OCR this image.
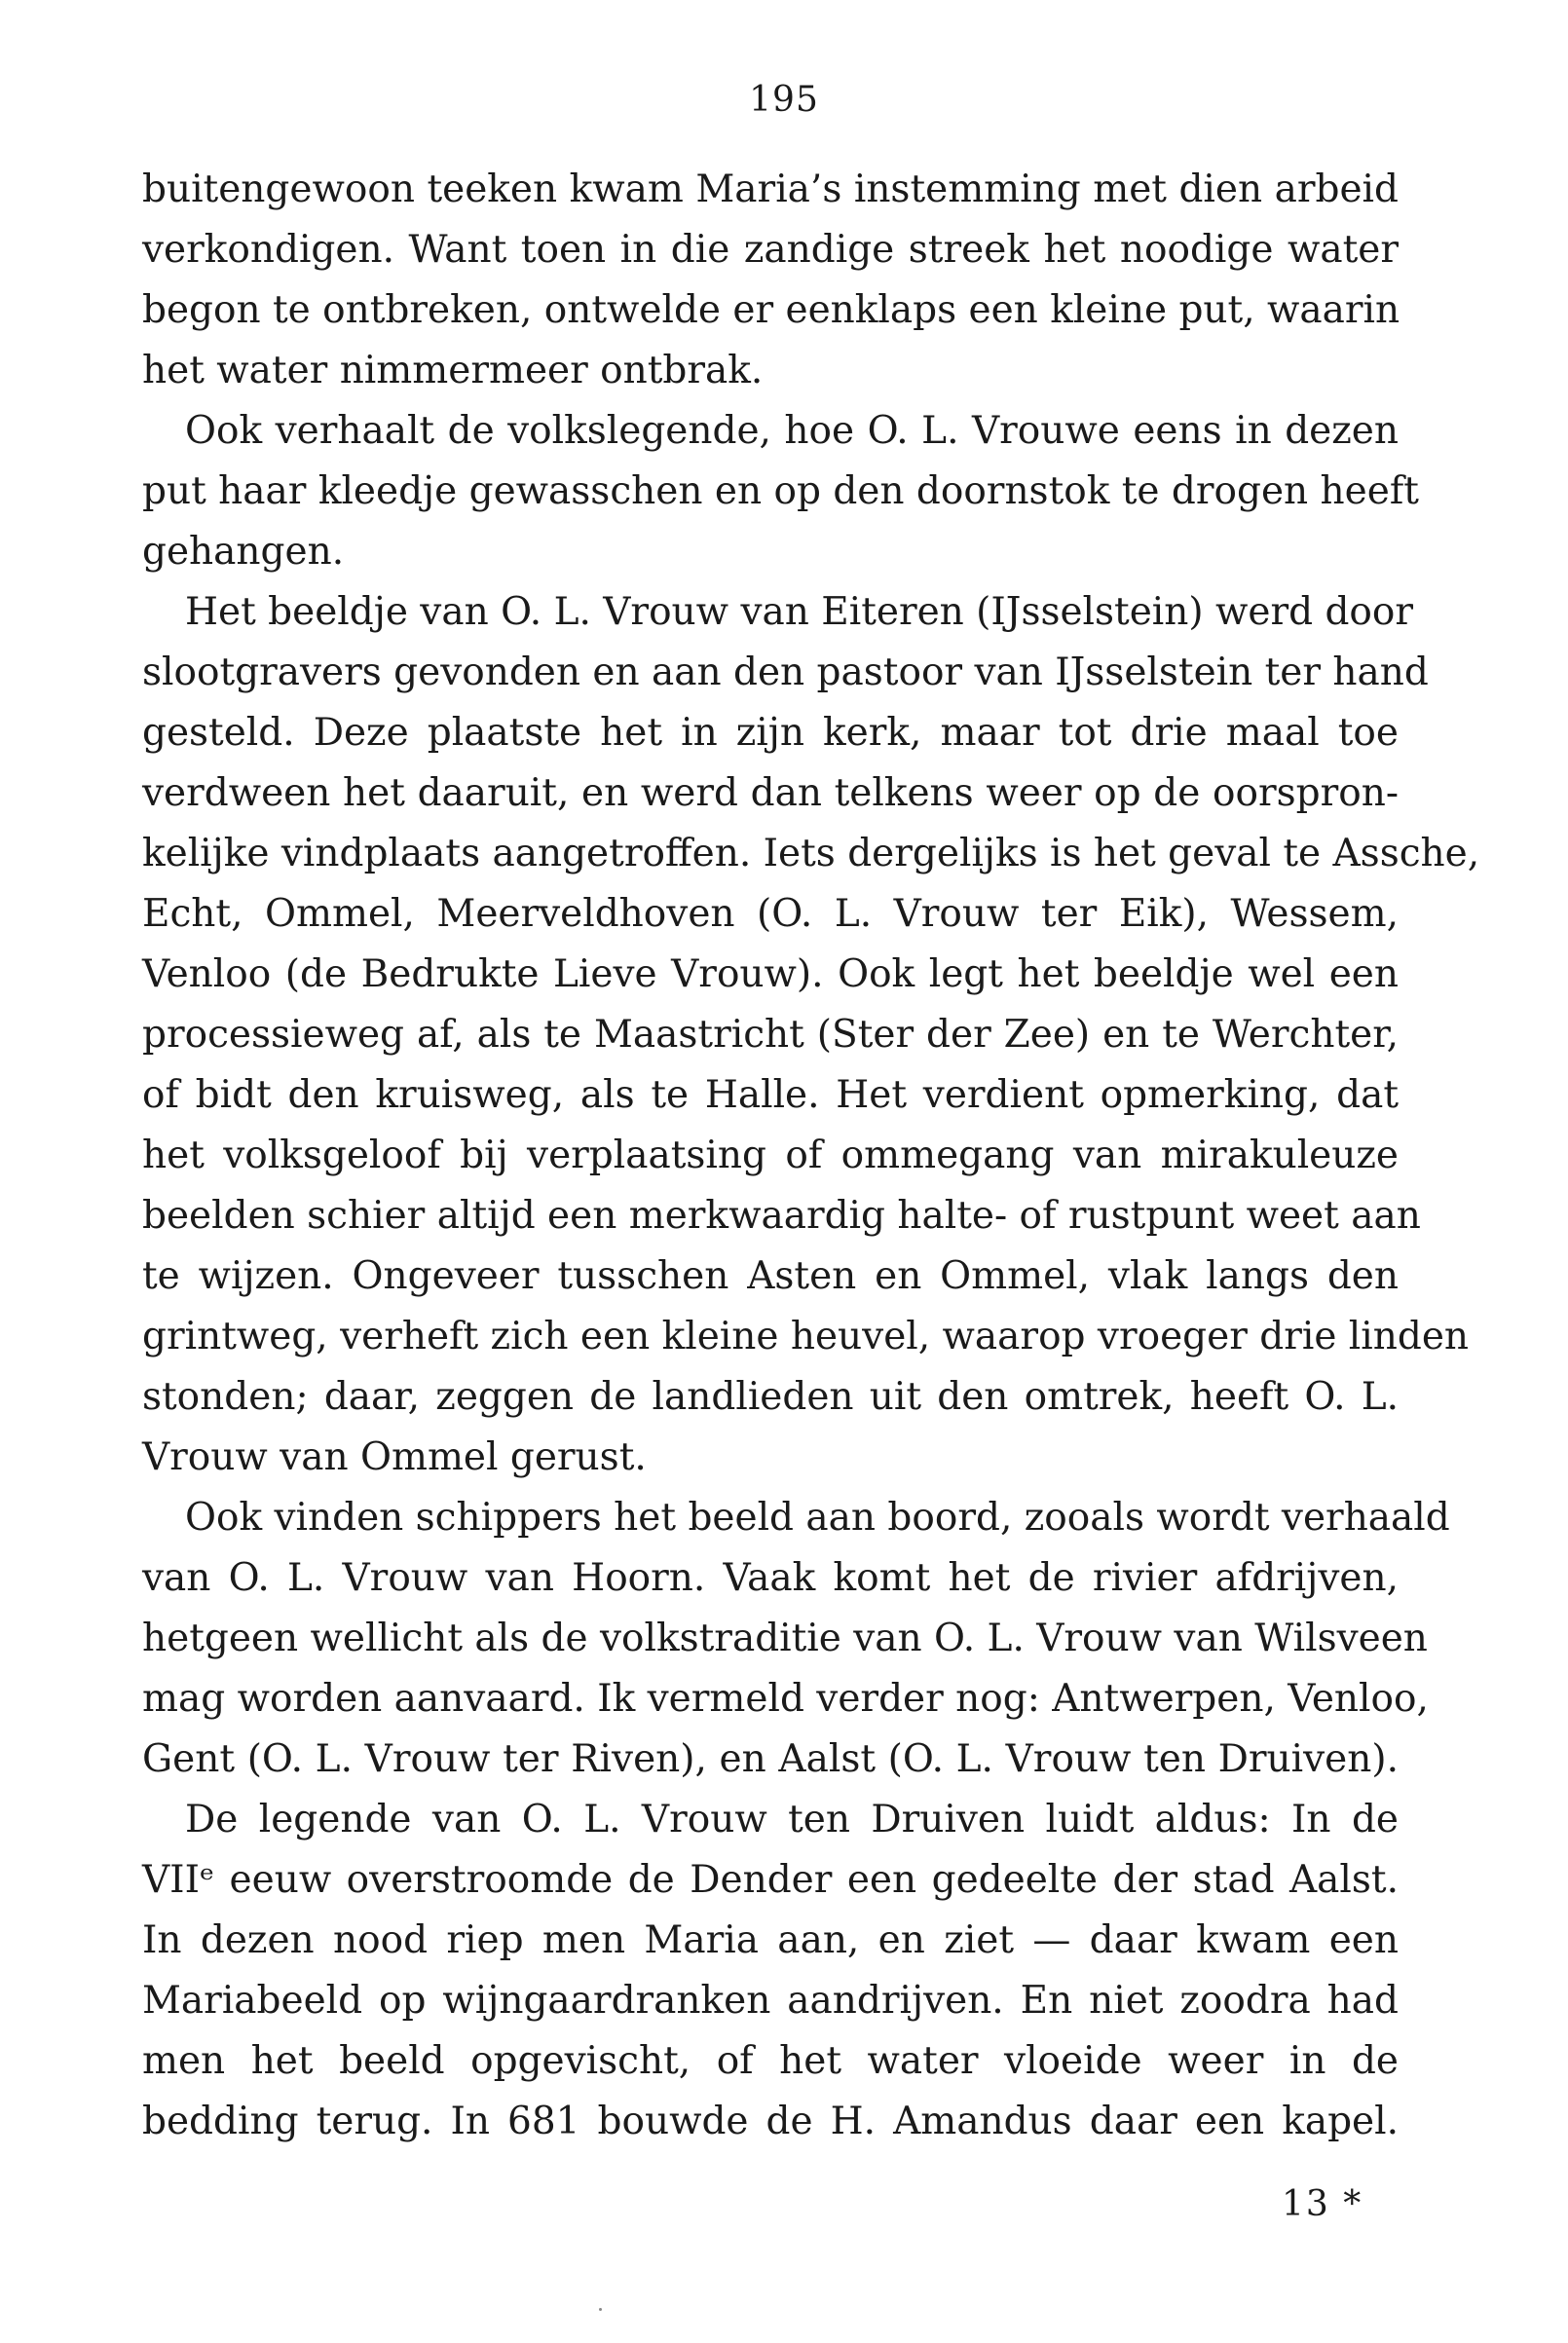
195
buitengewoon teeken kwam Maria’s instemming met dien arbeid
verkondigen. Want toen in die zandige streek het noodige water
begon te ontbreken, ontwelde er eenklaps een kleine put, waarin
het water nimmermeer ontbrak.
Ook verhaalt de volkslegende, hoe O. L. Vrouwe eens in dezen
put haar kleedje gewasschen en op den doornstok te drogen heeft
gehangen.
Het beeldje van O. L. Vrouw van Eiteren (IJsselstein) werd door
slootgravers gevonden en aan den pastoor van IJsselstein ter hand
gesteld. Deze plaatste het in zijn kerk, maar tot drie maal toe
verdween het daaruit, en werd dan telkens weer op de oorspron-
kelijke vindplaats aangetroffen. Iets dergelijks is het geval te Assche,
Echt, Ommel, Meerveldhoven (O. L. Vrouw ter Eik), Wessem,
Venloo (de Bedrukte Lieve Vrouw). Ook legt het beeldje wel een
processieweg af, als te Maastricht (Ster der Zee) en te Werchter,
of bidt den kruisweg, als te Halle. Het verdient opmerking, dat
het volksgeloof bij verplaatsing of ommegang van mirakuleuze
beelden schier altijd een merkwaardig halte- of rustpunt weet aan
te wijzen. Ongeveer tusschen Asten en Ommel, vlak langs den
grintweg, verheft zich een kleine heuvel, waarop vroeger drie linden
stonden; daar, zeggen de landlieden uit den omtrek, heeft O. L.
Vrouw van Ommel gerust.
Ook vinden schippers het beeld aan boord, zooals wordt verhaald
van O. L. Vrouw van Hoorn. Vaak komt het de rivier afdrijven,
hetgeen wellicht als de volkstraditie van O. L. Vrouw van Wilsveen
mag worden aanvaard. Ik vermeld verder nog: Antwerpen, Venloo,
Gent (O. L. Vrouw ter Riven), en Aalst (O. L. Vrouw ten Druiven).
De legende van O. L. Vrouw ten Druiven luidt aldus: In de
VIIᵉ eeuw overstroomde de Dender een gedeelte der stad Aalst.
In dezen nood riep men Maria aan, en ziet — daar kwam een
Mariabeeld op wijngaardranken aandrijven. En niet zoodra had
men het beeld opgevischt, of het water vloeide weer in de
bedding terug. In 681 bouwde de H. Amandus daar een kapel.
13 *
